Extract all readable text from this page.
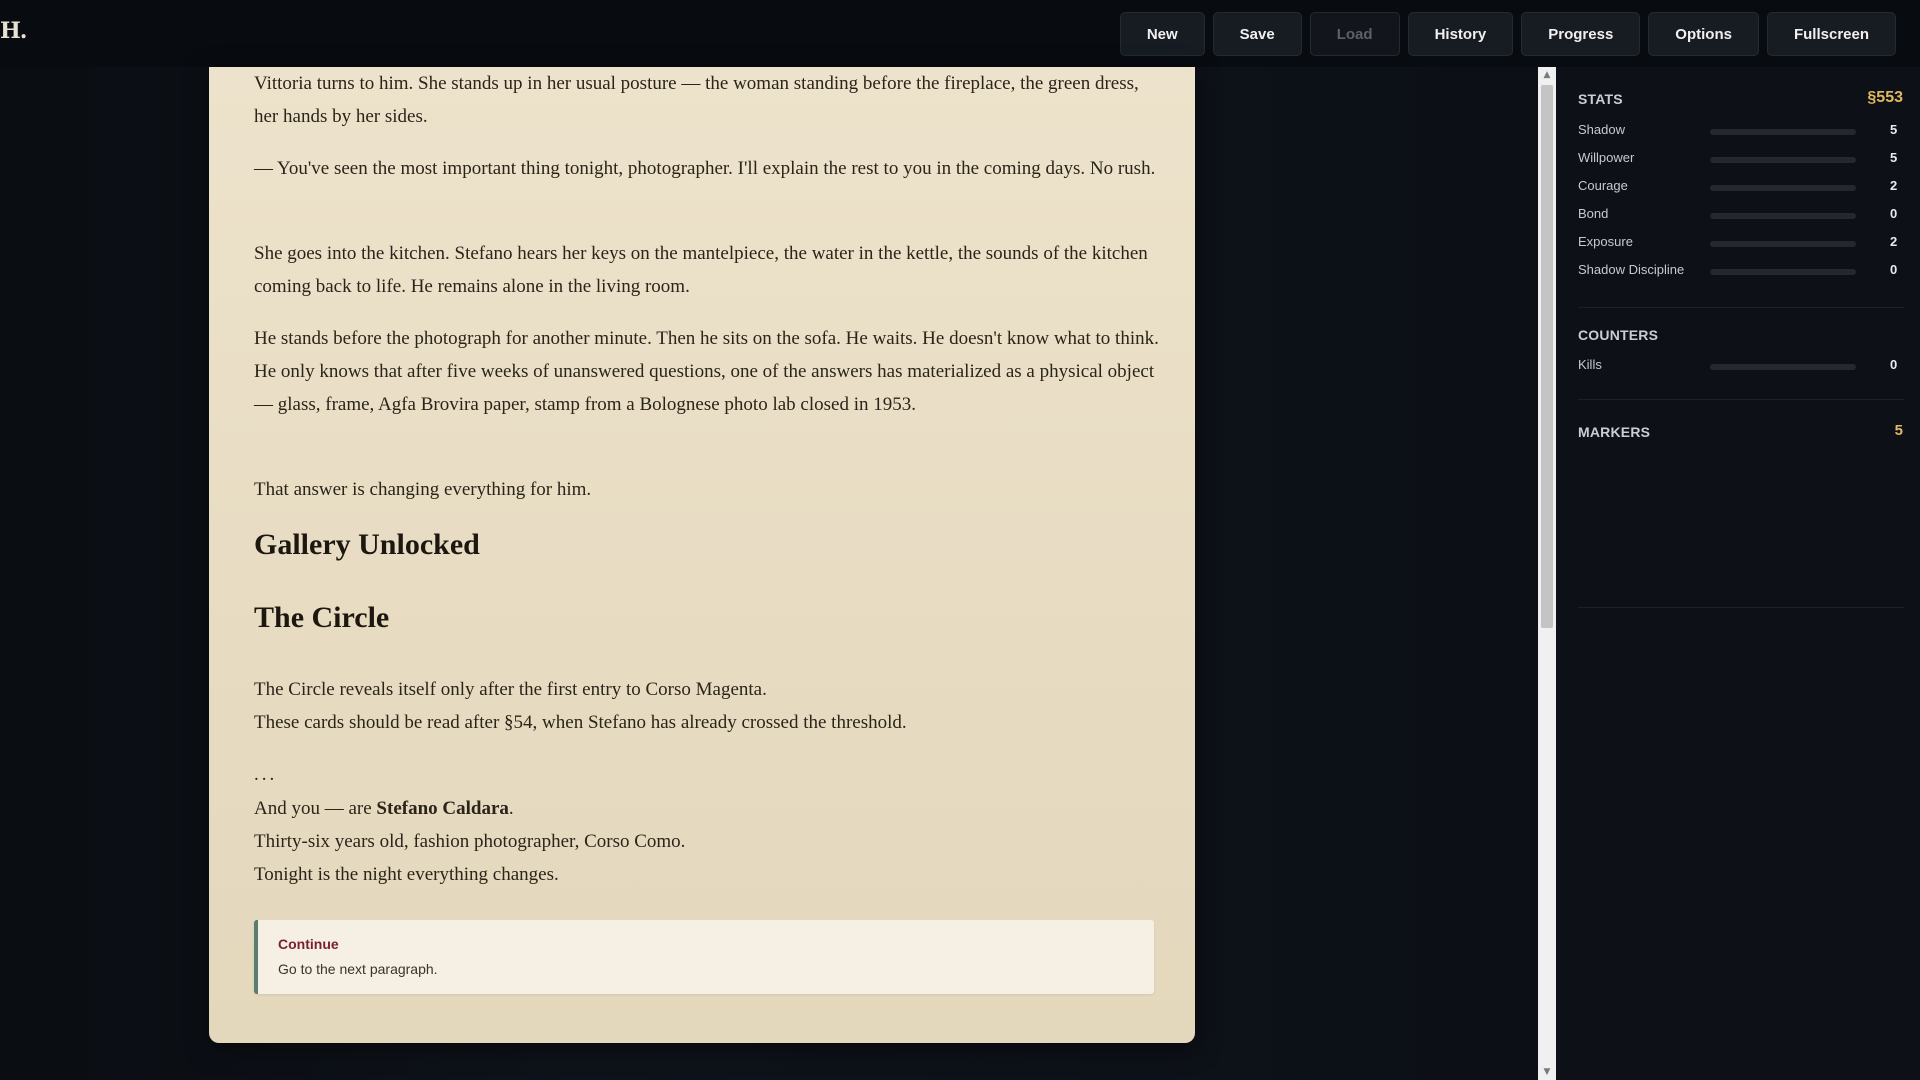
H.	New	Save	Load	History	Progress	Options	Fullscreen

Vittoria turns to him. She stands up in her usual posture — the woman standing before the fireplace, the green dress, her hands by her sides.

— You've seen the most important thing tonight, photographer. I'll explain the rest to you in the coming days. No rush.

She goes into the kitchen. Stefano hears her keys on the mantelpiece, the water in the kettle, the sounds of the kitchen coming back to life. He remains alone in the living room.

He stands before the photograph for another minute. Then he sits on the sofa. He waits. He doesn't know what to think. He only knows that after five weeks of unanswered questions, one of the answers has materialized as a physical object — glass, frame, Agfa Brovira paper, stamp from a Bolognese photo lab closed in 1953.

That answer is changing everything for him.

Gallery Unlocked
The Circle
The Circle reveals itself only after the first entry to Corso Magenta.
These cards should be read after §54, when Stefano has already crossed the threshold.
...
And you — are Stefano Caldara.
Thirty-six years old, fashion photographer, Corso Como.
Tonight is the night everything changes.
Continue
Go to the next paragraph.
▲
▼
STATS	§553
Shadow	5
Willpower	5
Courage	2
Bond	0
Exposure	2
Shadow Discipline	0
COUNTERS
Kills	0
MARKERS	5
